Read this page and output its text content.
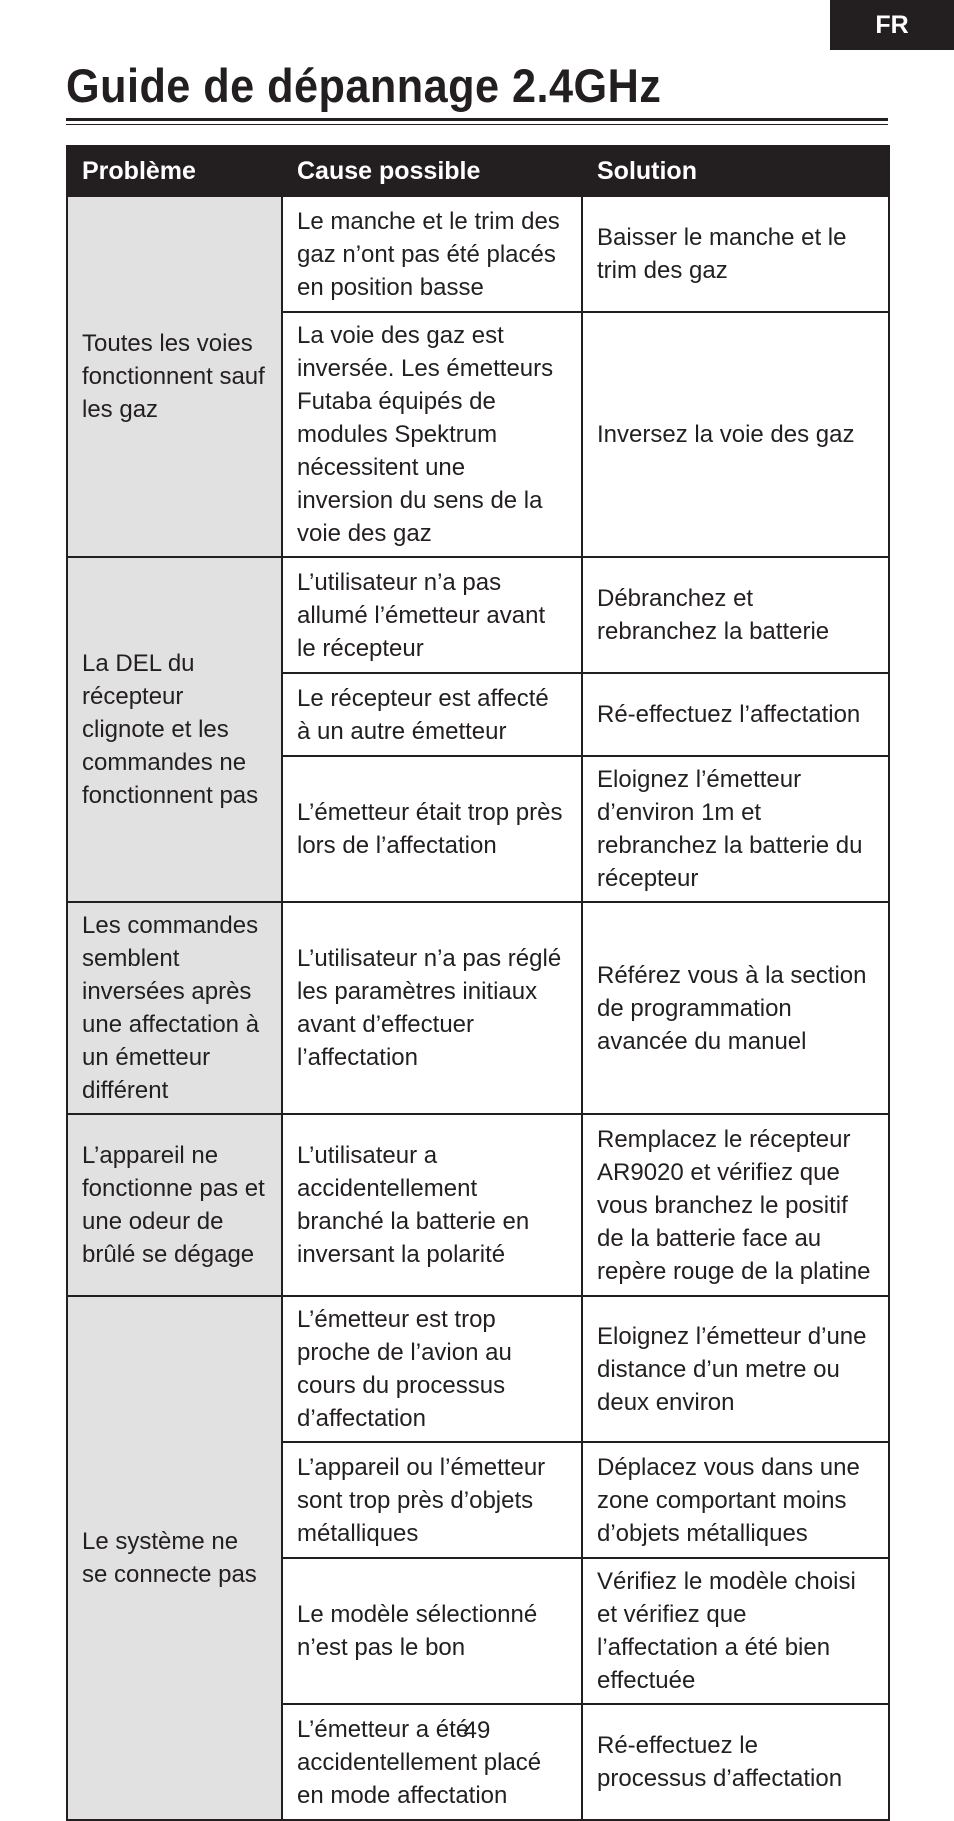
FR
Guide de dépannage 2.4GHz
Problème	Cause possible	Solution
Toutes les voies fonctionnent sauf les gaz	Le manche et le trim des gaz n’ont pas été placés en position basse	Baisser le manche et le trim des gaz
	La voie des gaz est inversée. Les émetteurs Futaba équipés de modules Spektrum nécessitent une inversion du sens de la voie des gaz	Inversez la voie des gaz
La DEL du récepteur clignote et les commandes ne fonctionnent pas	L’utilisateur n’a pas allumé l’émetteur avant le récepteur	Débranchez et rebranchez la batterie
	Le récepteur est affecté à un autre émetteur	Ré-effectuez l’affectation
	L’émetteur était trop près lors de l’affectation	Eloignez l’émetteur d’environ 1m et rebranchez la batterie du récepteur
Les commandes semblent inversées après une affectation à un émetteur différent	L’utilisateur n’a pas réglé les paramètres initiaux avant d’effectuer l’affectation	Référez vous à la section de programmation avancée du manuel
L’appareil ne fonctionne pas et une odeur de brûlé se dégage	L’utilisateur a accidentellement branché la batterie en inversant la polarité	Remplacez le récepteur AR9020 et vérifiez que vous branchez le positif de la batterie face au repère rouge de la platine
Le système ne se connecte pas	L’émetteur est trop proche de l’avion au cours du processus d’affectation	Eloignez l’émetteur d’une distance d’un metre ou deux environ
	L’appareil ou l’émetteur sont trop près d’objets métalliques	Déplacez vous dans une zone comportant moins d’objets métalliques
	Le modèle sélectionné n’est pas le bon	Vérifiez le modèle choisi et vérifiez que l’affectation a été bien effectuée
	L’émetteur a été accidentellement placé en mode affectation	Ré-effectuez le processus d’affectation
49
